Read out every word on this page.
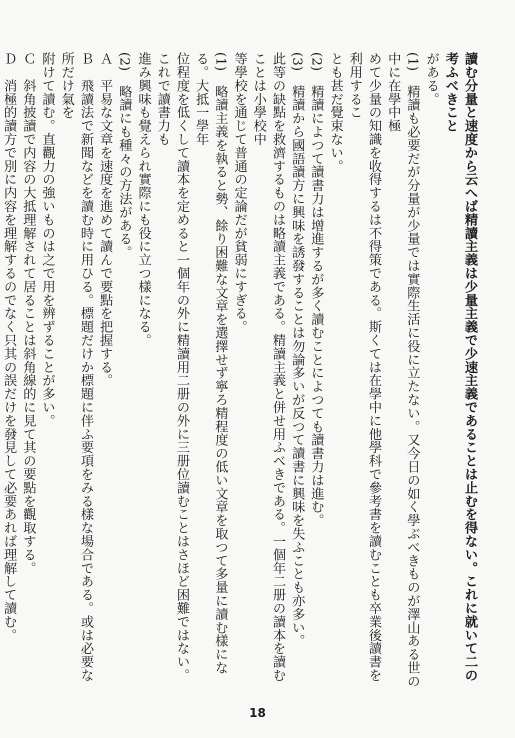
讀む分量と速度から云へば精讀主義は少量主義で少速主義であることは止むを得ない。これに就いて二の考ふべきこと

がある。

(1)　精讀も必要だが分量が少量では實際生活に役に立たない。又今日の如く學ぶべきものが澤山ある世の中に在學中極

めて少量の知識を收得するは不得策である。斯くては在學中に他學科で參考書を讀むことも卒業後讀書を利用するこ

とも甚だ覺束ない。

(2)　精讀によつて讀書力は增進するが多く讀むことによつても讀書力は進む。

(3)　精讀から國語讀方に興味を誘發することは勿論多いが反つて讀書に興味を失ふことも亦多い。

此等の缺點を救濟するものは略讀主義である。精讀主義と併せ用ふべきである。一個年二册の讀本を讀むことは小學校中

等學校を通じて普通の定論だが貧弱にすぎる。

(1)　略讀主義を執ると勢、餘り困難な文章を選擇せず寧ろ精程度の低い文章を取つて多量に讀む樣になる。大抵一學年

位程度を低くして讀本を定めると一個年の外に精讀用二册の外に三册位讀むことはさほど困難ではない。これで讀書力も

進み興味も覺えられ實際にも役に立つ樣になる。

(2)　略讀にも種々の方法がある。

Ａ　平易な文章を速度を進めて讀んで要點を把握する。

Ｂ　飛讀法で新聞などを讀む時に用ひる。標題だけか標題に伴ふ要項をみる樣な場合である。或は必要な所だけ氣を

附けて讀む。直觀力の強いものは之で用を辨ずることが多い。

Ｃ　斜角披讀で内容の大抵理解されて居ることは斜角線的に見て其の要點を觀取する。

Ｄ　消極的讀方で別に内容を理解するのでなく只其の誤だけを發見して必要あれば理解して讀む。

18
